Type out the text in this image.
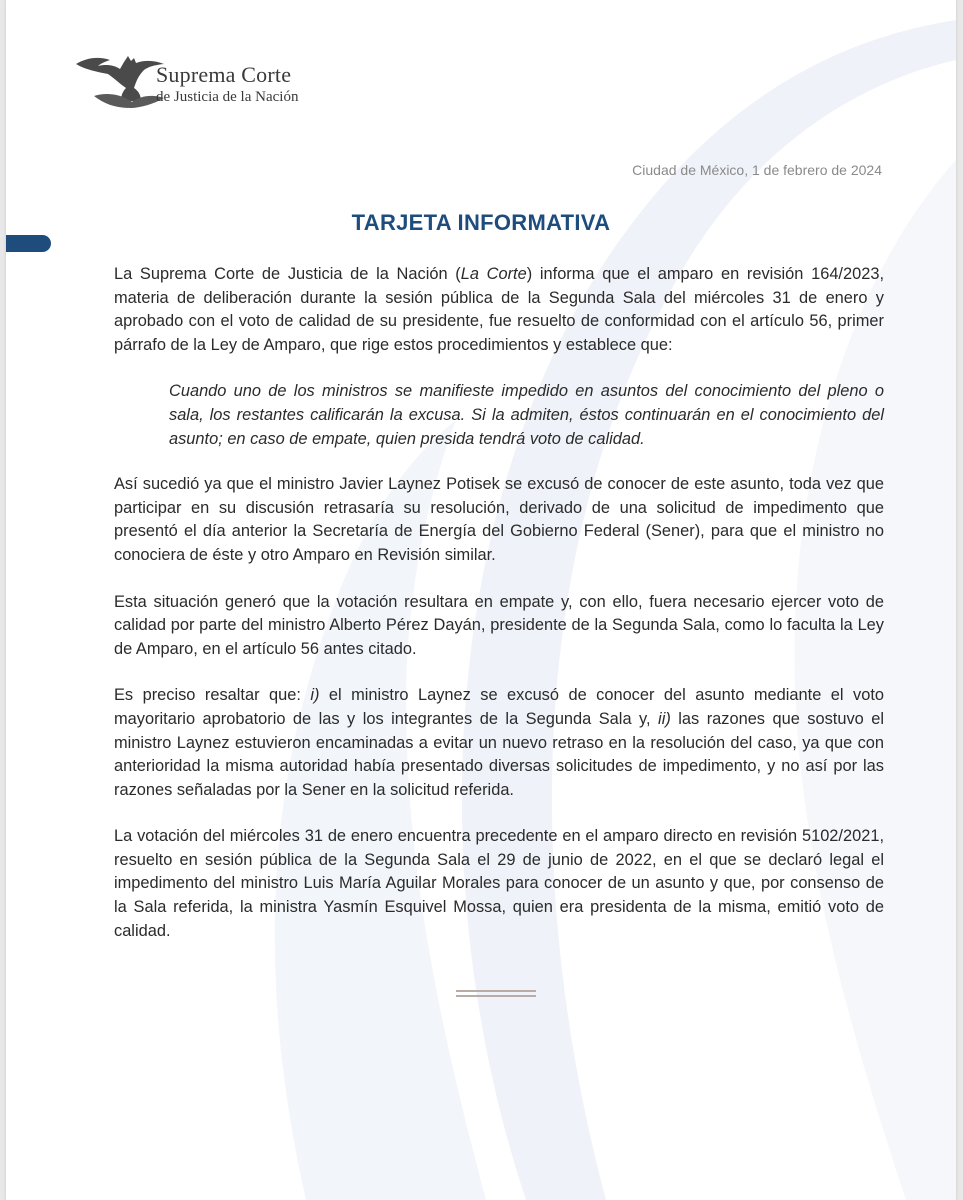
Suprema Corte
de Justicia de la Nación
Ciudad de México, 1 de febrero de 2024
TARJETA INFORMATIVA

La Suprema Corte de Justicia de la Nación (La Corte) informa que el amparo en revisión 164/2023, materia de deliberación durante la sesión pública de la Segunda Sala del miércoles 31 de enero y aprobado con el voto de calidad de su presidente, fue resuelto de conformidad con el artículo 56, primer párrafo de la Ley de Amparo, que rige estos procedimientos y establece que:

Cuando uno de los ministros se manifieste impedido en asuntos del conocimiento del pleno o sala, los restantes calificarán la excusa. Si la admiten, éstos continuarán en el conocimiento del asunto; en caso de empate, quien presida tendrá voto de calidad.

Así sucedió ya que el ministro Javier Laynez Potisek se excusó de conocer de este asunto, toda vez que participar en su discusión retrasaría su resolución, derivado de una solicitud de impedimento que presentó el día anterior la Secretaría de Energía del Gobierno Federal (Sener), para que el ministro no conociera de éste y otro Amparo en Revisión similar.

Esta situación generó que la votación resultara en empate y, con ello, fuera necesario ejercer voto de calidad por parte del ministro Alberto Pérez Dayán, presidente de la Segunda Sala, como lo faculta la Ley de Amparo, en el artículo 56 antes citado.

Es preciso resaltar que: i) el ministro Laynez se excusó de conocer del asunto mediante el voto mayoritario aprobatorio de las y los integrantes de la Segunda Sala y, ii) las razones que sostuvo el ministro Laynez estuvieron encaminadas a evitar un nuevo retraso en la resolución del caso, ya que con anterioridad la misma autoridad había presentado diversas solicitudes de impedimento, y no así por las razones señaladas por la Sener en la solicitud referida.

La votación del miércoles 31 de enero encuentra precedente en el amparo directo en revisión 5102/2021, resuelto en sesión pública de la Segunda Sala el 29 de junio de 2022, en el que se declaró legal el impedimento del ministro Luis María Aguilar Morales para conocer de un asunto y que, por consenso de la Sala referida, la ministra Yasmín Esquivel Mossa, quien era presidenta de la misma, emitió voto de calidad.
